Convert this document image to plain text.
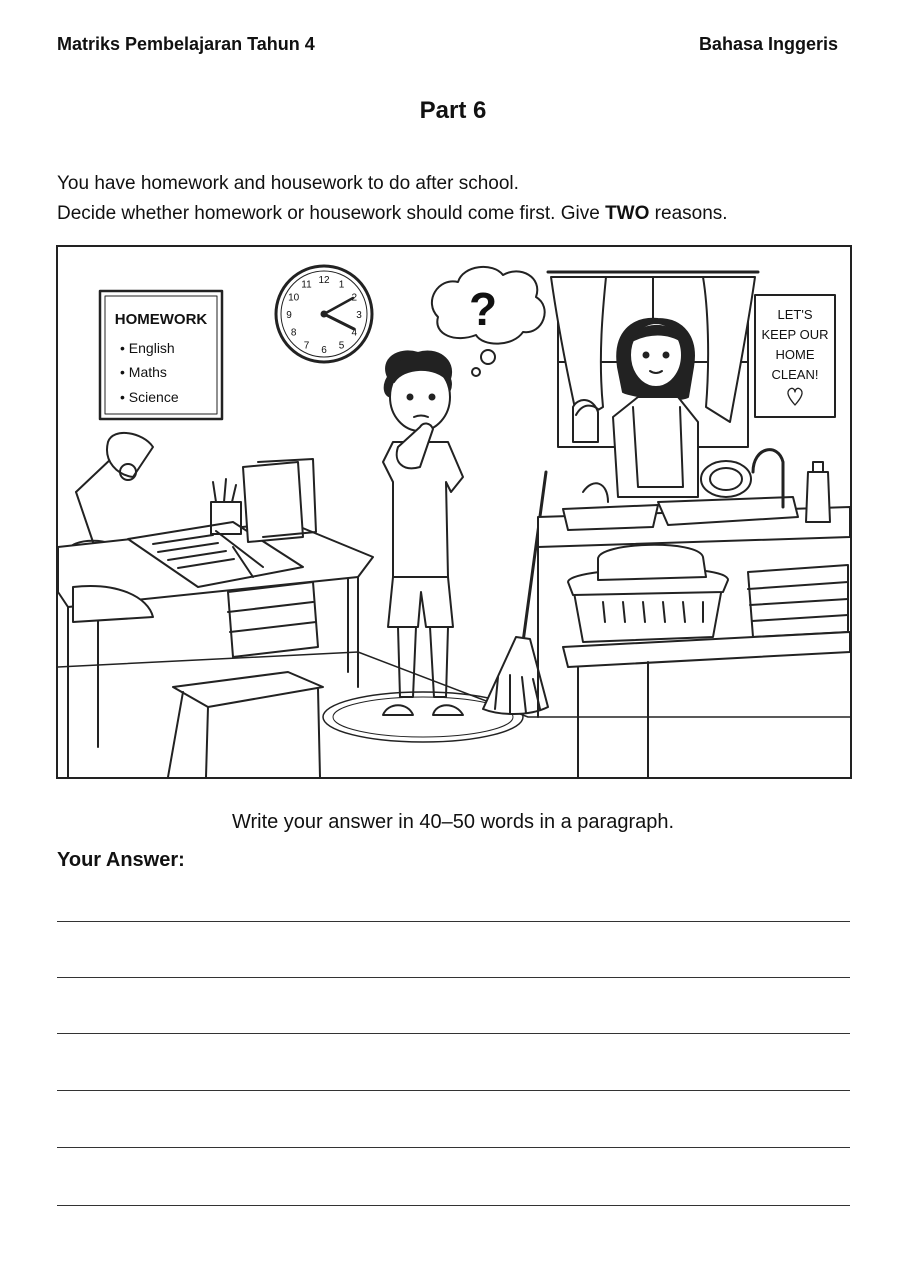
Matriks Pembelajaran Tahun 4	Bahasa Inggeris
Part 6
You have homework and housework to do after school.
Decide whether homework or housework should come first. Give TWO reasons.
HOMEWORK
• English
• Maths
• Science
12 1
2
3
4
5
6
7
8
9
10
11	?	LET'S
KEEP OUR
HOME
CLEAN!
Write your answer in 40–50 words in a paragraph.
Your Answer:
